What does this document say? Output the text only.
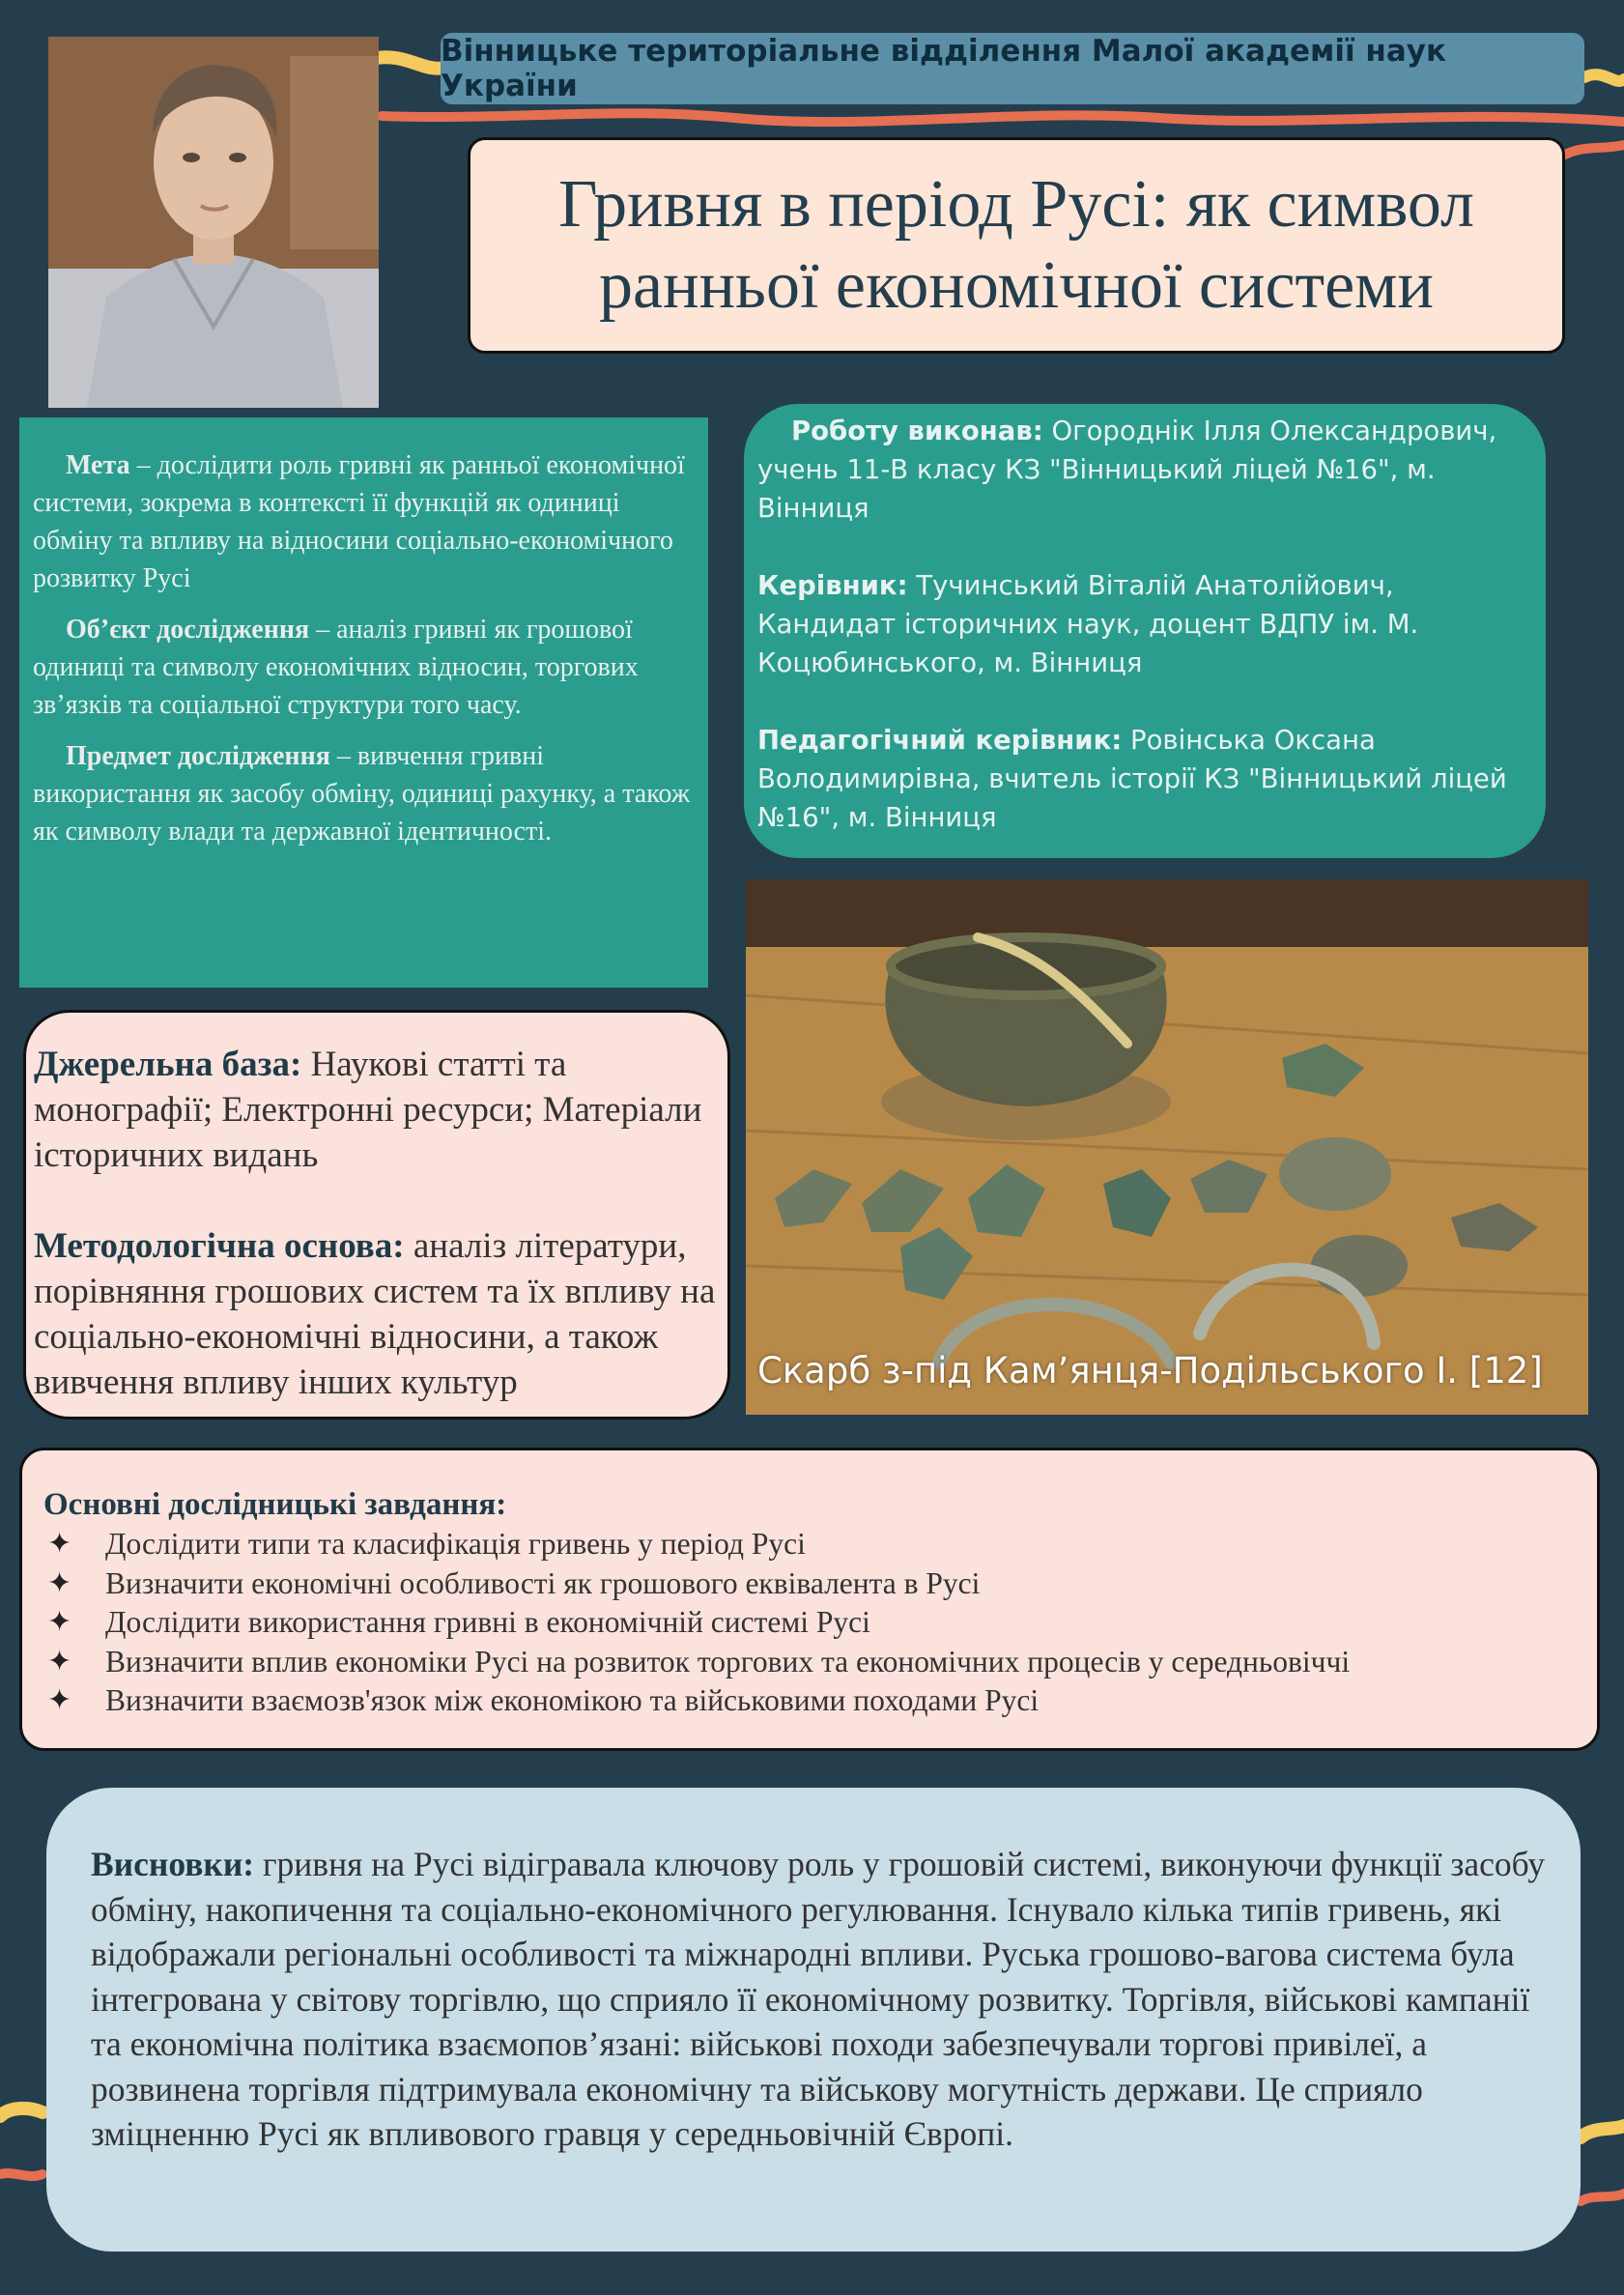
Вінницьке територіальне відділення Малої академії наук України
Гривня в період Русі: як символ ранньої економічної системи

Мета – дослідити роль гривні як ранньої економічної системи, зокрема в контексті її функцій як одиниці обміну та впливу на відносини соціально-економічного розвитку Русі

Об’єкт дослідження – аналіз гривні як грошової одиниці та символу економічних відносин, торгових зв’язків та соціальної структури того часу.

Предмет дослідження – вивчення гривні використання як засобу обміну, одиниці рахунку, а також як символу влади та державної ідентичності.

Роботу виконав: Огороднік Ілля Олександрович, учень 11-В класу КЗ "Вінницький ліцей №16", м. Вінниця

Керівник: Тучинський Віталій Анатолійович, Кандидат історичних наук, доцент ВДПУ ім. М. Коцюбинського, м. Вінниця

Педагогічний керівник: Ровінська Оксана Володимирівна, вчитель історії КЗ "Вінницький ліцей №16", м. Вінниця

Скарб з-під Кам’янця-Подільського І. [12]

Джерельна база: Наукові статті та монографії; Електронні ресурси; Матеріали історичних видань

Методологічна основа: аналіз літератури, порівняння грошових систем та їх впливу на соціально-економічні відносини, а також вивчення впливу інших культур

Основні дослідницькі завдання:
✦	Дослідити типи та класифікація гривень у період Русі
✦	Визначити економічні особливості як грошового еквівалента в Русі
✦	Дослідити використання гривні в економічній системі Русі
✦	Визначити вплив економіки Русі на розвиток торгових та економічних процесів у середньовіччі
✦	Визначити взаємозв'язок між економікою та військовими походами Русі
Висновки: гривня на Русі відігравала ключову роль у грошовій системі, виконуючи функції засобу обміну, накопичення та соціально-економічного регулювання. Існувало кілька типів гривень, які відображали регіональні особливості та міжнародні впливи. Руська грошово-вагова система була інтегрована у світову торгівлю, що сприяло її економічному розвитку. Торгівля, військові кампанії та економічна політика взаємопов’язані: військові походи забезпечували торгові привілеї, а розвинена торгівля підтримувала економічну та військову могутність держави. Це сприяло зміцненню Русі як впливового гравця у середньовічній Європі.
